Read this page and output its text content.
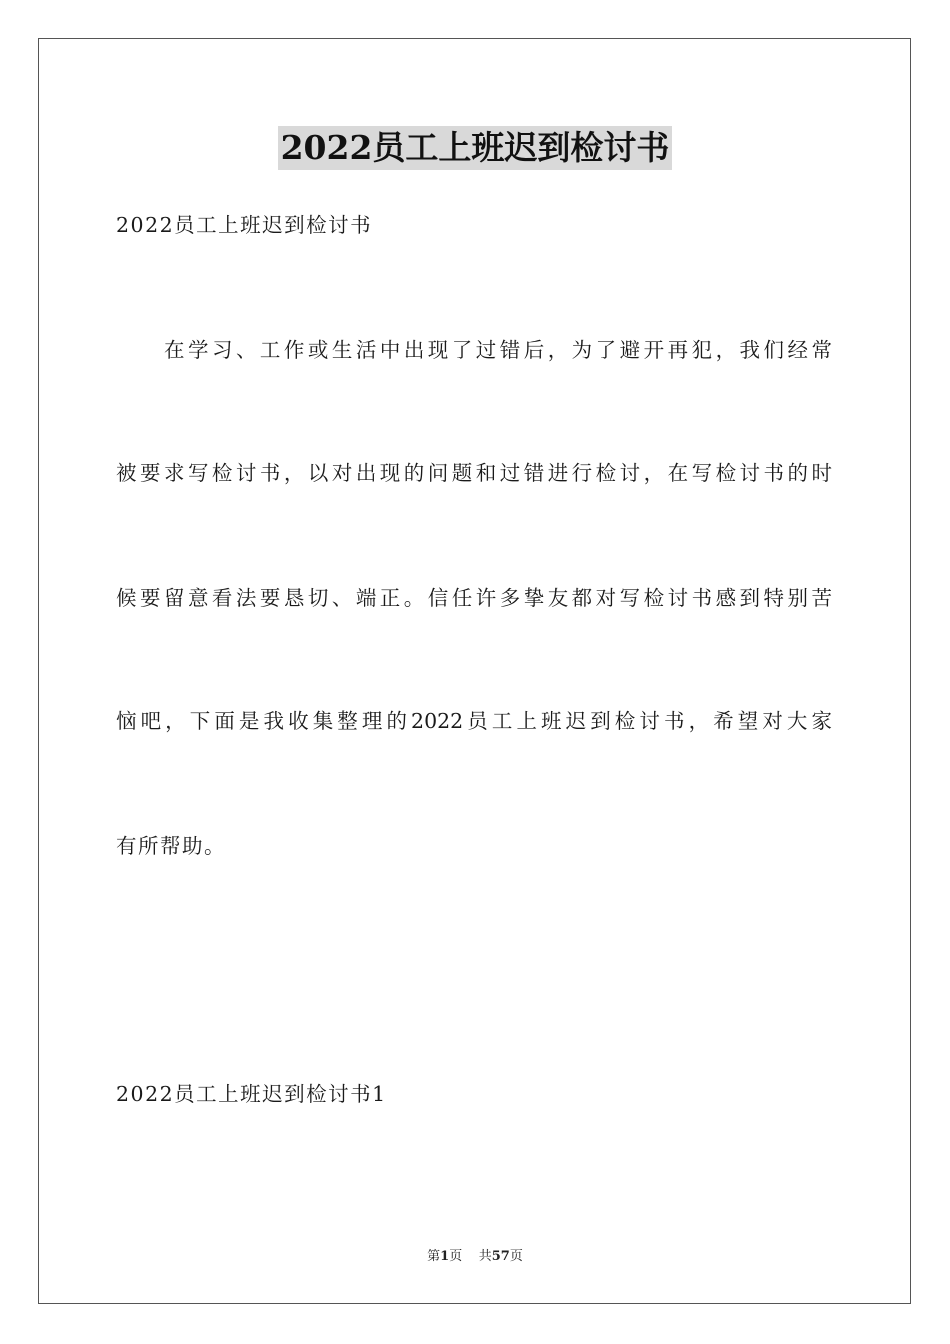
2022员工上班迟到检讨书
2022员工上班迟到检讨书
在学习、工作或生活中出现了过错后，为了避开再犯，我们经常
被要求写检讨书，以对出现的问题和过错进行检讨，在写检讨书的时
候要留意看法要恳切、端正。信任许多挚友都对写检讨书感到特别苦
恼吧，下面是我收集整理的2022员工上班迟到检讨书，希望对大家
有所帮助。
2022员工上班迟到检讨书1
第1页 共57页
